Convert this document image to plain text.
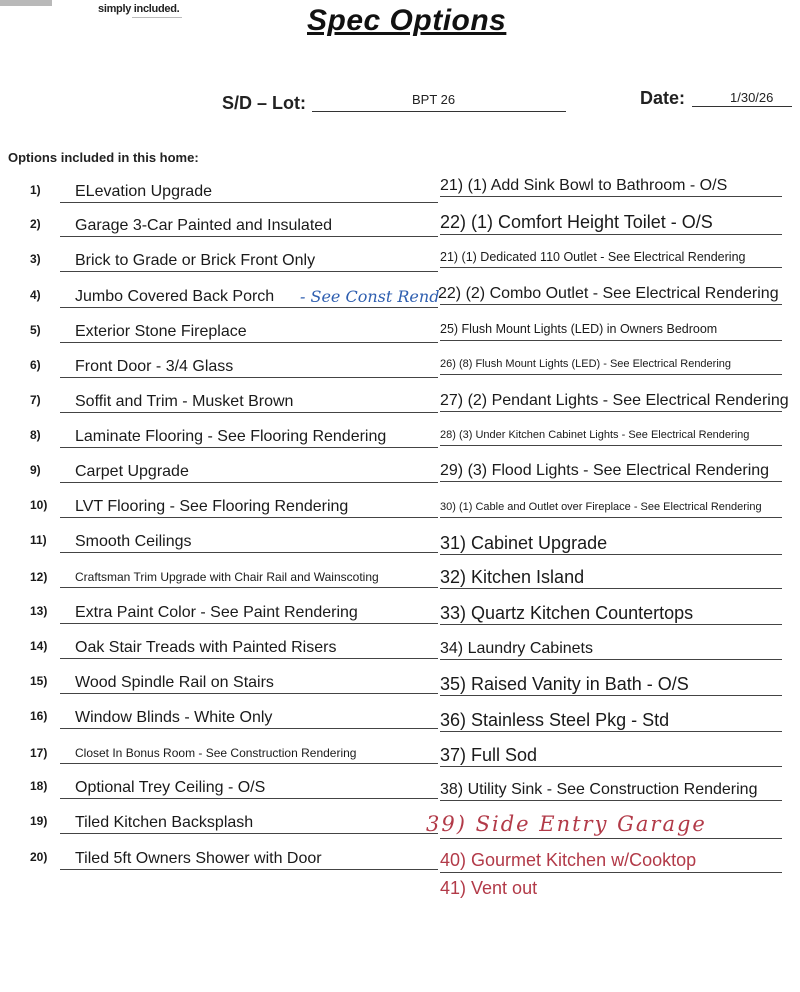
simply included.	Spec Options
S/D – Lot:	BPT 26	Date:	1/30/26
Options included in this home:
1)	ELevation Upgrade
2)	Garage 3-Car Painted and Insulated
3)	Brick to Grade or Brick Front Only
4)	Jumbo Covered Back Porch - See Const Rend
5)	Exterior Stone Fireplace
6)	Front Door - 3/4 Glass
7)	Soffit and Trim - Musket Brown
8)	Laminate Flooring - See Flooring Rendering
9)	Carpet Upgrade
10)	LVT Flooring - See Flooring Rendering
11)	Smooth Ceilings
12)	Craftsman Trim Upgrade with Chair Rail and Wainscoting
13)	Extra Paint Color - See Paint Rendering
14)	Oak Stair Treads with Painted Risers
15)	Wood Spindle Rail on Stairs
16)	Window Blinds - White Only
17)	Closet In Bonus Room - See Construction Rendering
18)	Optional Trey Ceiling - O/S
19)	Tiled Kitchen Backsplash
20)	Tiled 5ft Owners Shower with Door
21) (1) Add Sink Bowl to Bathroom - O/S
22) (1) Comfort Height Toilet - O/S
21) (1) Dedicated 110 Outlet - See Electrical Rendering
22) (2) Combo Outlet - See Electrical Rendering
25) Flush Mount Lights (LED) in Owners Bedroom
26) (8) Flush Mount Lights (LED) - See Electrical Rendering
27) (2) Pendant Lights - See Electrical Rendering
28) (3) Under Kitchen Cabinet Lights - See Electrical Rendering
29) (3) Flood Lights - See Electrical Rendering
30) (1) Cable and Outlet over Fireplace - See Electrical Rendering
31) Cabinet Upgrade
32) Kitchen Island
33) Quartz Kitchen Countertops
34) Laundry Cabinets
35) Raised Vanity in Bath - O/S
36) Stainless Steel Pkg - Std
37) Full Sod
38) Utility Sink - See Construction Rendering
39) Side Entry Garage
40) Gourmet Kitchen w/Cooktop
41) Vent out
